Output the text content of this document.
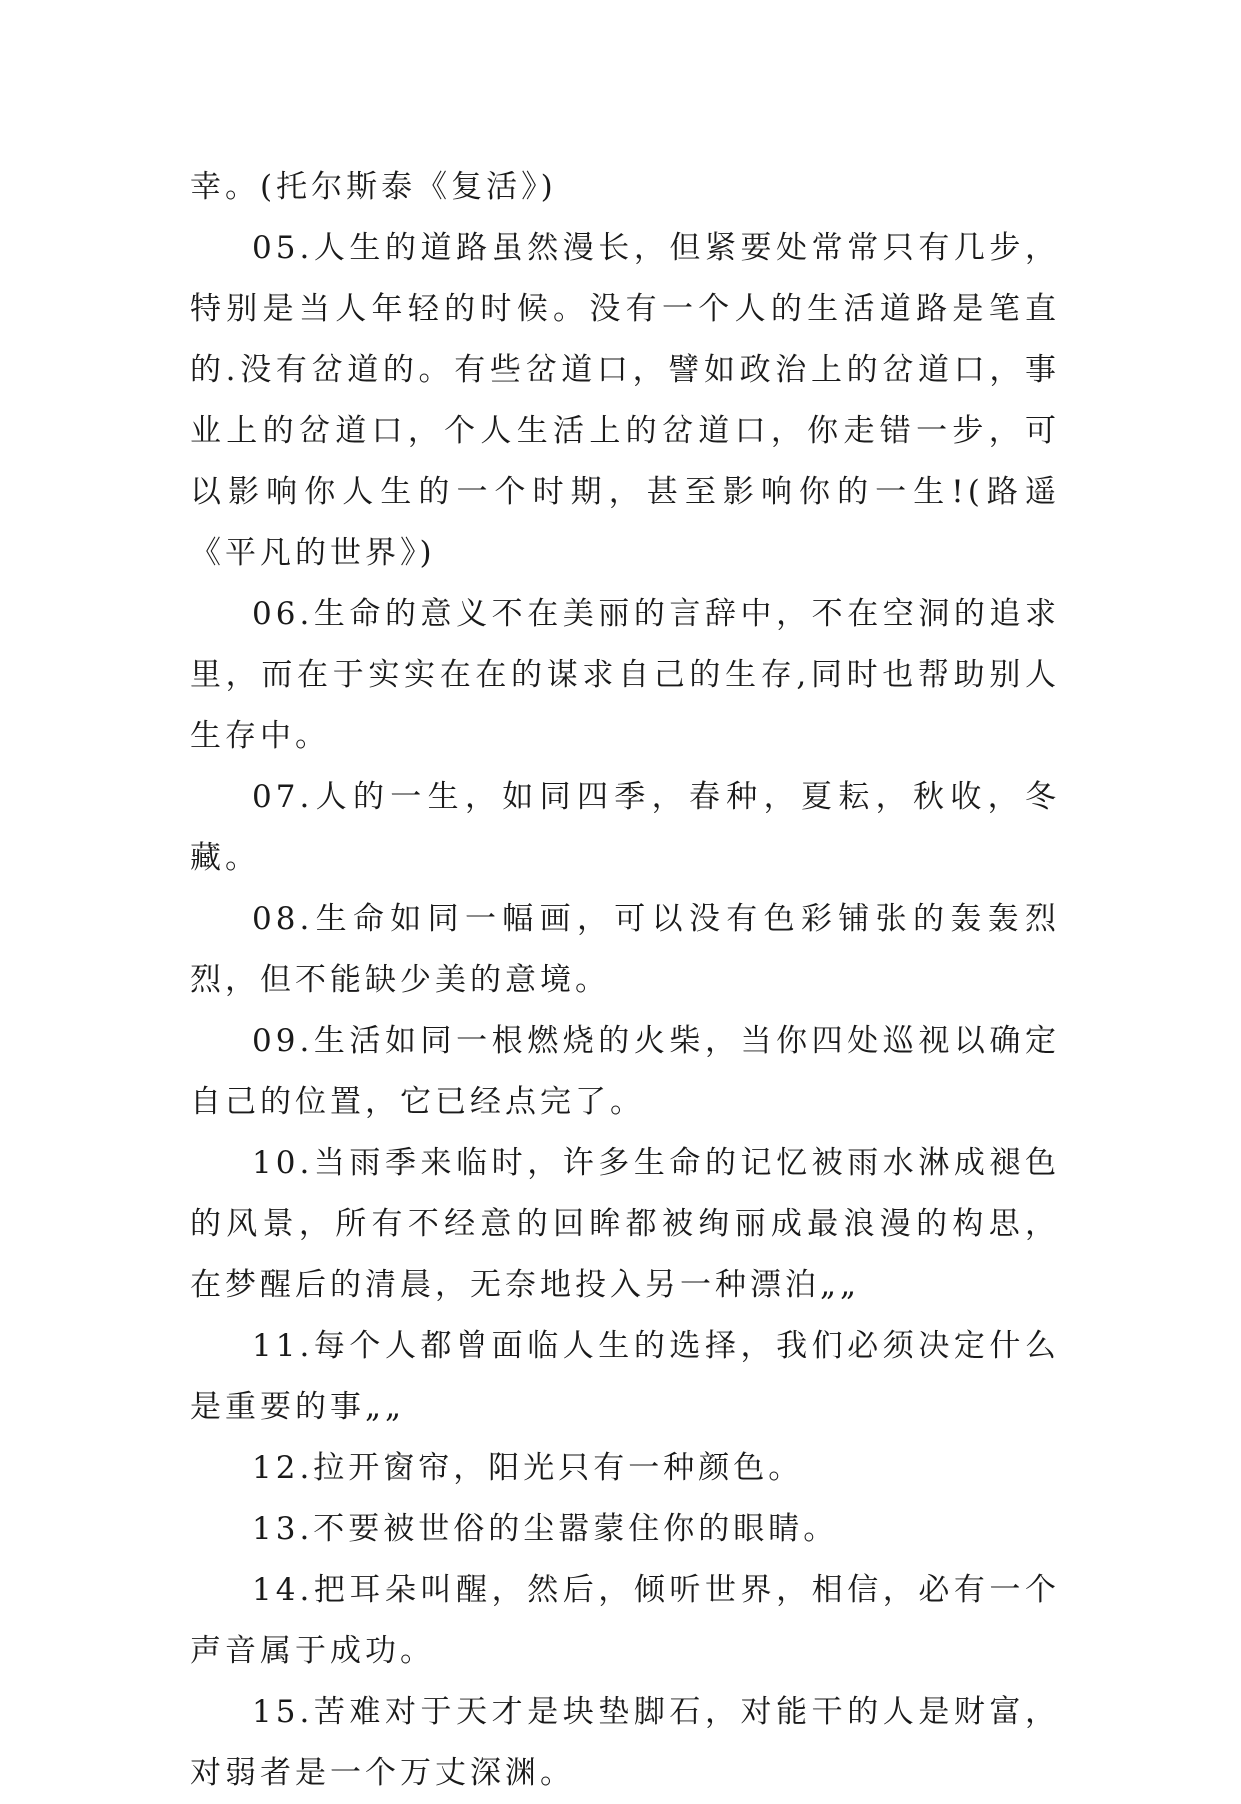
幸。(托尔斯泰《复活》)

05.人生的道路虽然漫长，但紧要处常常只有几步，特别是当人年轻的时候。没有一个人的生活道路是笔直的.没有岔道的。有些岔道口，譬如政治上的岔道口，事业上的岔道口，个人生活上的岔道口，你走错一步，可以影响你人生的一个时期，甚至影响你的一生!(路遥《平凡的世界》)

06.生命的意义不在美丽的言辞中，不在空洞的追求里，而在于实实在在的谋求自己的生存,同时也帮助别人生存中。

07.人的一生，如同四季，春种，夏耘，秋收，冬藏。

08.生命如同一幅画，可以没有色彩铺张的轰轰烈烈，但不能缺少美的意境。

09.生活如同一根燃烧的火柴，当你四处巡视以确定自己的位置，它已经点完了。

10.当雨季来临时，许多生命的记忆被雨水淋成褪色的风景，所有不经意的回眸都被绚丽成最浪漫的构思，在梦醒后的清晨，无奈地投入另一种漂泊„„

11.每个人都曾面临人生的选择，我们必须决定什么是重要的事„„

12.拉开窗帘，阳光只有一种颜色。

13.不要被世俗的尘嚣蒙住你的眼睛。

14.把耳朵叫醒，然后，倾听世界，相信，必有一个声音属于成功。

15.苦难对于天才是块垫脚石，对能干的人是财富，对弱者是一个万丈深渊。
